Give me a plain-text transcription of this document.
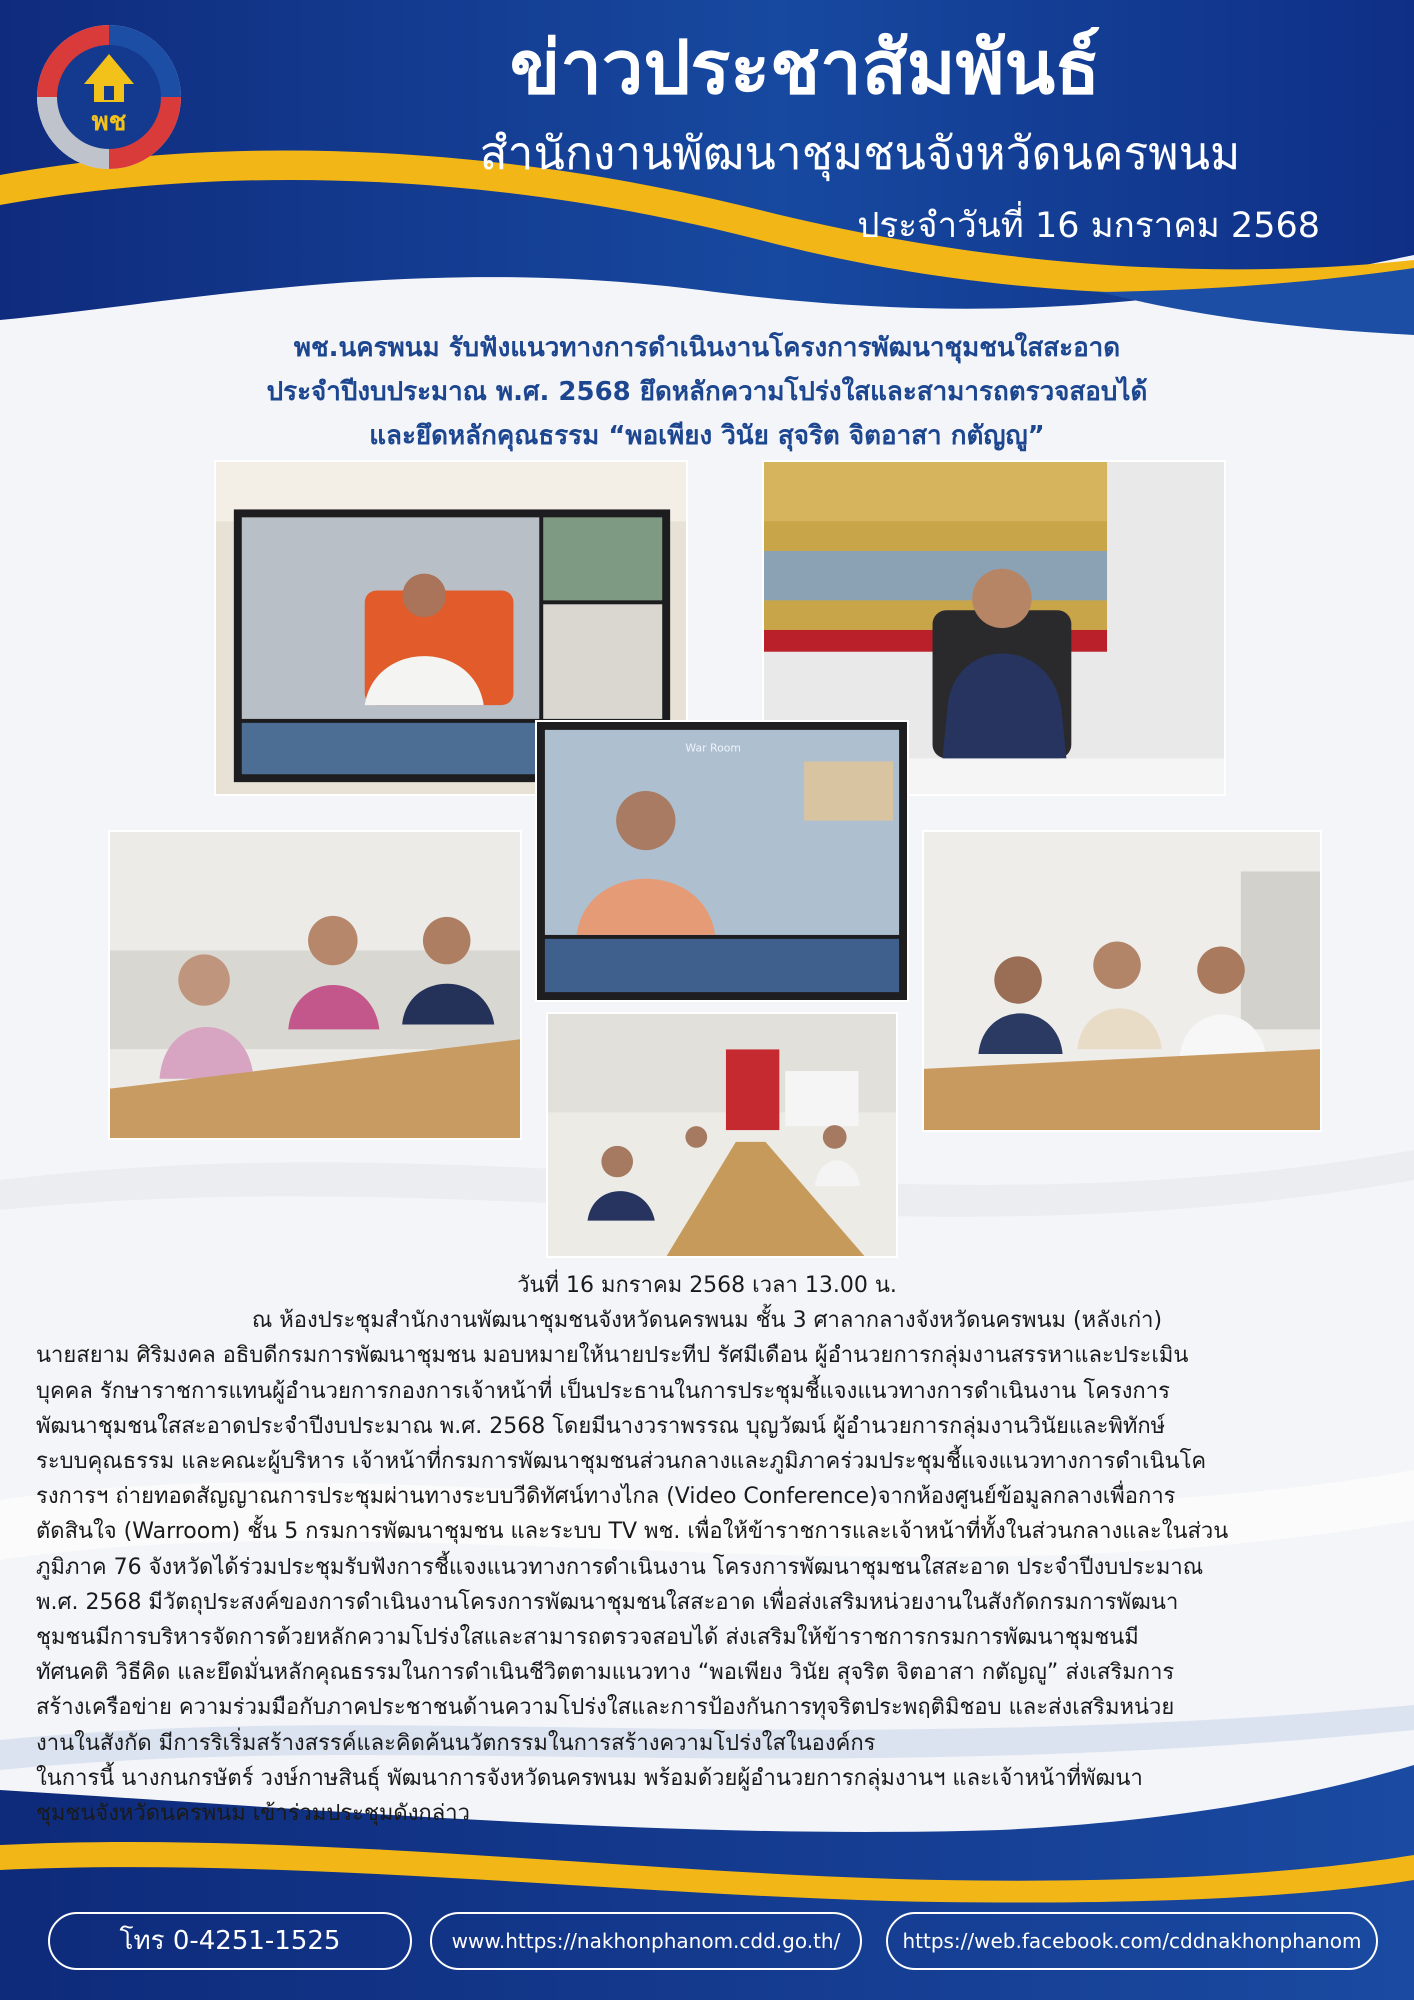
พช
ข่าวประชาสัมพันธ์
สำนักงานพัฒนาชุมชนจังหวัดนครพนม
ประจำวันที่ 16 มกราคม 2568
พช.นครพนม รับฟังแนวทางการดำเนินงานโครงการพัฒนาชุมชนใสสะอาด
ประจำปีงบประมาณ พ.ศ. 2568 ยึดหลักความโปร่งใสและสามารถตรวจสอบได้
และยึดหลักคุณธรรม “พอเพียง วินัย สุจริต จิตอาสา กตัญญู”
War Room
วันที่ 16 มกราคม 2568 เวลา 13.00 น.
ณ ห้องประชุมสำนักงานพัฒนาชุมชนจังหวัดนครพนม ชั้น 3 ศาลากลางจังหวัดนครพนม (หลังเก่า)
นายสยาม ศิริมงคล อธิบดีกรมการพัฒนาชุมชน มอบหมายให้นายประทีป รัศมีเดือน ผู้อำนวยการกลุ่มงานสรรหาและประเมิน
บุคคล รักษาราชการแทนผู้อำนวยการกองการเจ้าหน้าที่ เป็นประธานในการประชุมชี้แจงแนวทางการดำเนินงาน โครงการ
พัฒนาชุมชนใสสะอาดประจำปีงบประมาณ พ.ศ. 2568 โดยมีนางวราพรรณ บุญวัฒน์ ผู้อำนวยการกลุ่มงานวินัยและพิทักษ์
ระบบคุณธรรม และคณะผู้บริหาร เจ้าหน้าที่กรมการพัฒนาชุมชนส่วนกลางและภูมิภาคร่วมประชุมชี้แจงแนวทางการดำเนินโค
รงการฯ ถ่ายทอดสัญญาณการประชุมผ่านทางระบบวีดิทัศน์ทางไกล (Video Conference)จากห้องศูนย์ข้อมูลกลางเพื่อการ
ตัดสินใจ (Warroom) ชั้น 5 กรมการพัฒนาชุมชน และระบบ TV พช. เพื่อให้ข้าราชการและเจ้าหน้าที่ทั้งในส่วนกลางและในส่วน
ภูมิภาค 76 จังหวัดได้ร่วมประชุมรับฟังการชี้แจงแนวทางการดำเนินงาน โครงการพัฒนาชุมชนใสสะอาด ประจำปีงบประมาณ
พ.ศ. 2568 มีวัตถุประสงค์ของการดำเนินงานโครงการพัฒนาชุมชนใสสะอาด เพื่อส่งเสริมหน่วยงานในสังกัดกรมการพัฒนา
ชุมชนมีการบริหารจัดการด้วยหลักความโปร่งใสและสามารถตรวจสอบได้ ส่งเสริมให้ข้าราชการกรมการพัฒนาชุมชนมี
ทัศนคติ วิธีคิด และยึดมั่นหลักคุณธรรมในการดำเนินชีวิตตามแนวทาง “พอเพียง วินัย สุจริต จิตอาสา กตัญญู” ส่งเสริมการ
สร้างเครือข่าย ความร่วมมือกับภาคประชาชนด้านความโปร่งใสและการป้องกันการทุจริตประพฤติมิชอบ และส่งเสริมหน่วย
งานในสังกัด มีการริเริ่มสร้างสรรค์และคิดค้นนวัตกรรมในการสร้างความโปร่งใสในองค์กร
ในการนี้ นางกนกรษัตร์ วงษ์กาษสินธุ์ พัฒนาการจังหวัดนครพนม พร้อมด้วยผู้อำนวยการกลุ่มงานฯ และเจ้าหน้าที่พัฒนา
ชุมชนจังหวัดนครพนม เข้าร่วมประชุมดังกล่าว
โทร 0-4251-1525	www.https://nakhonphanom.cdd.go.th/	https://web.facebook.com/cddnakhonphanom
